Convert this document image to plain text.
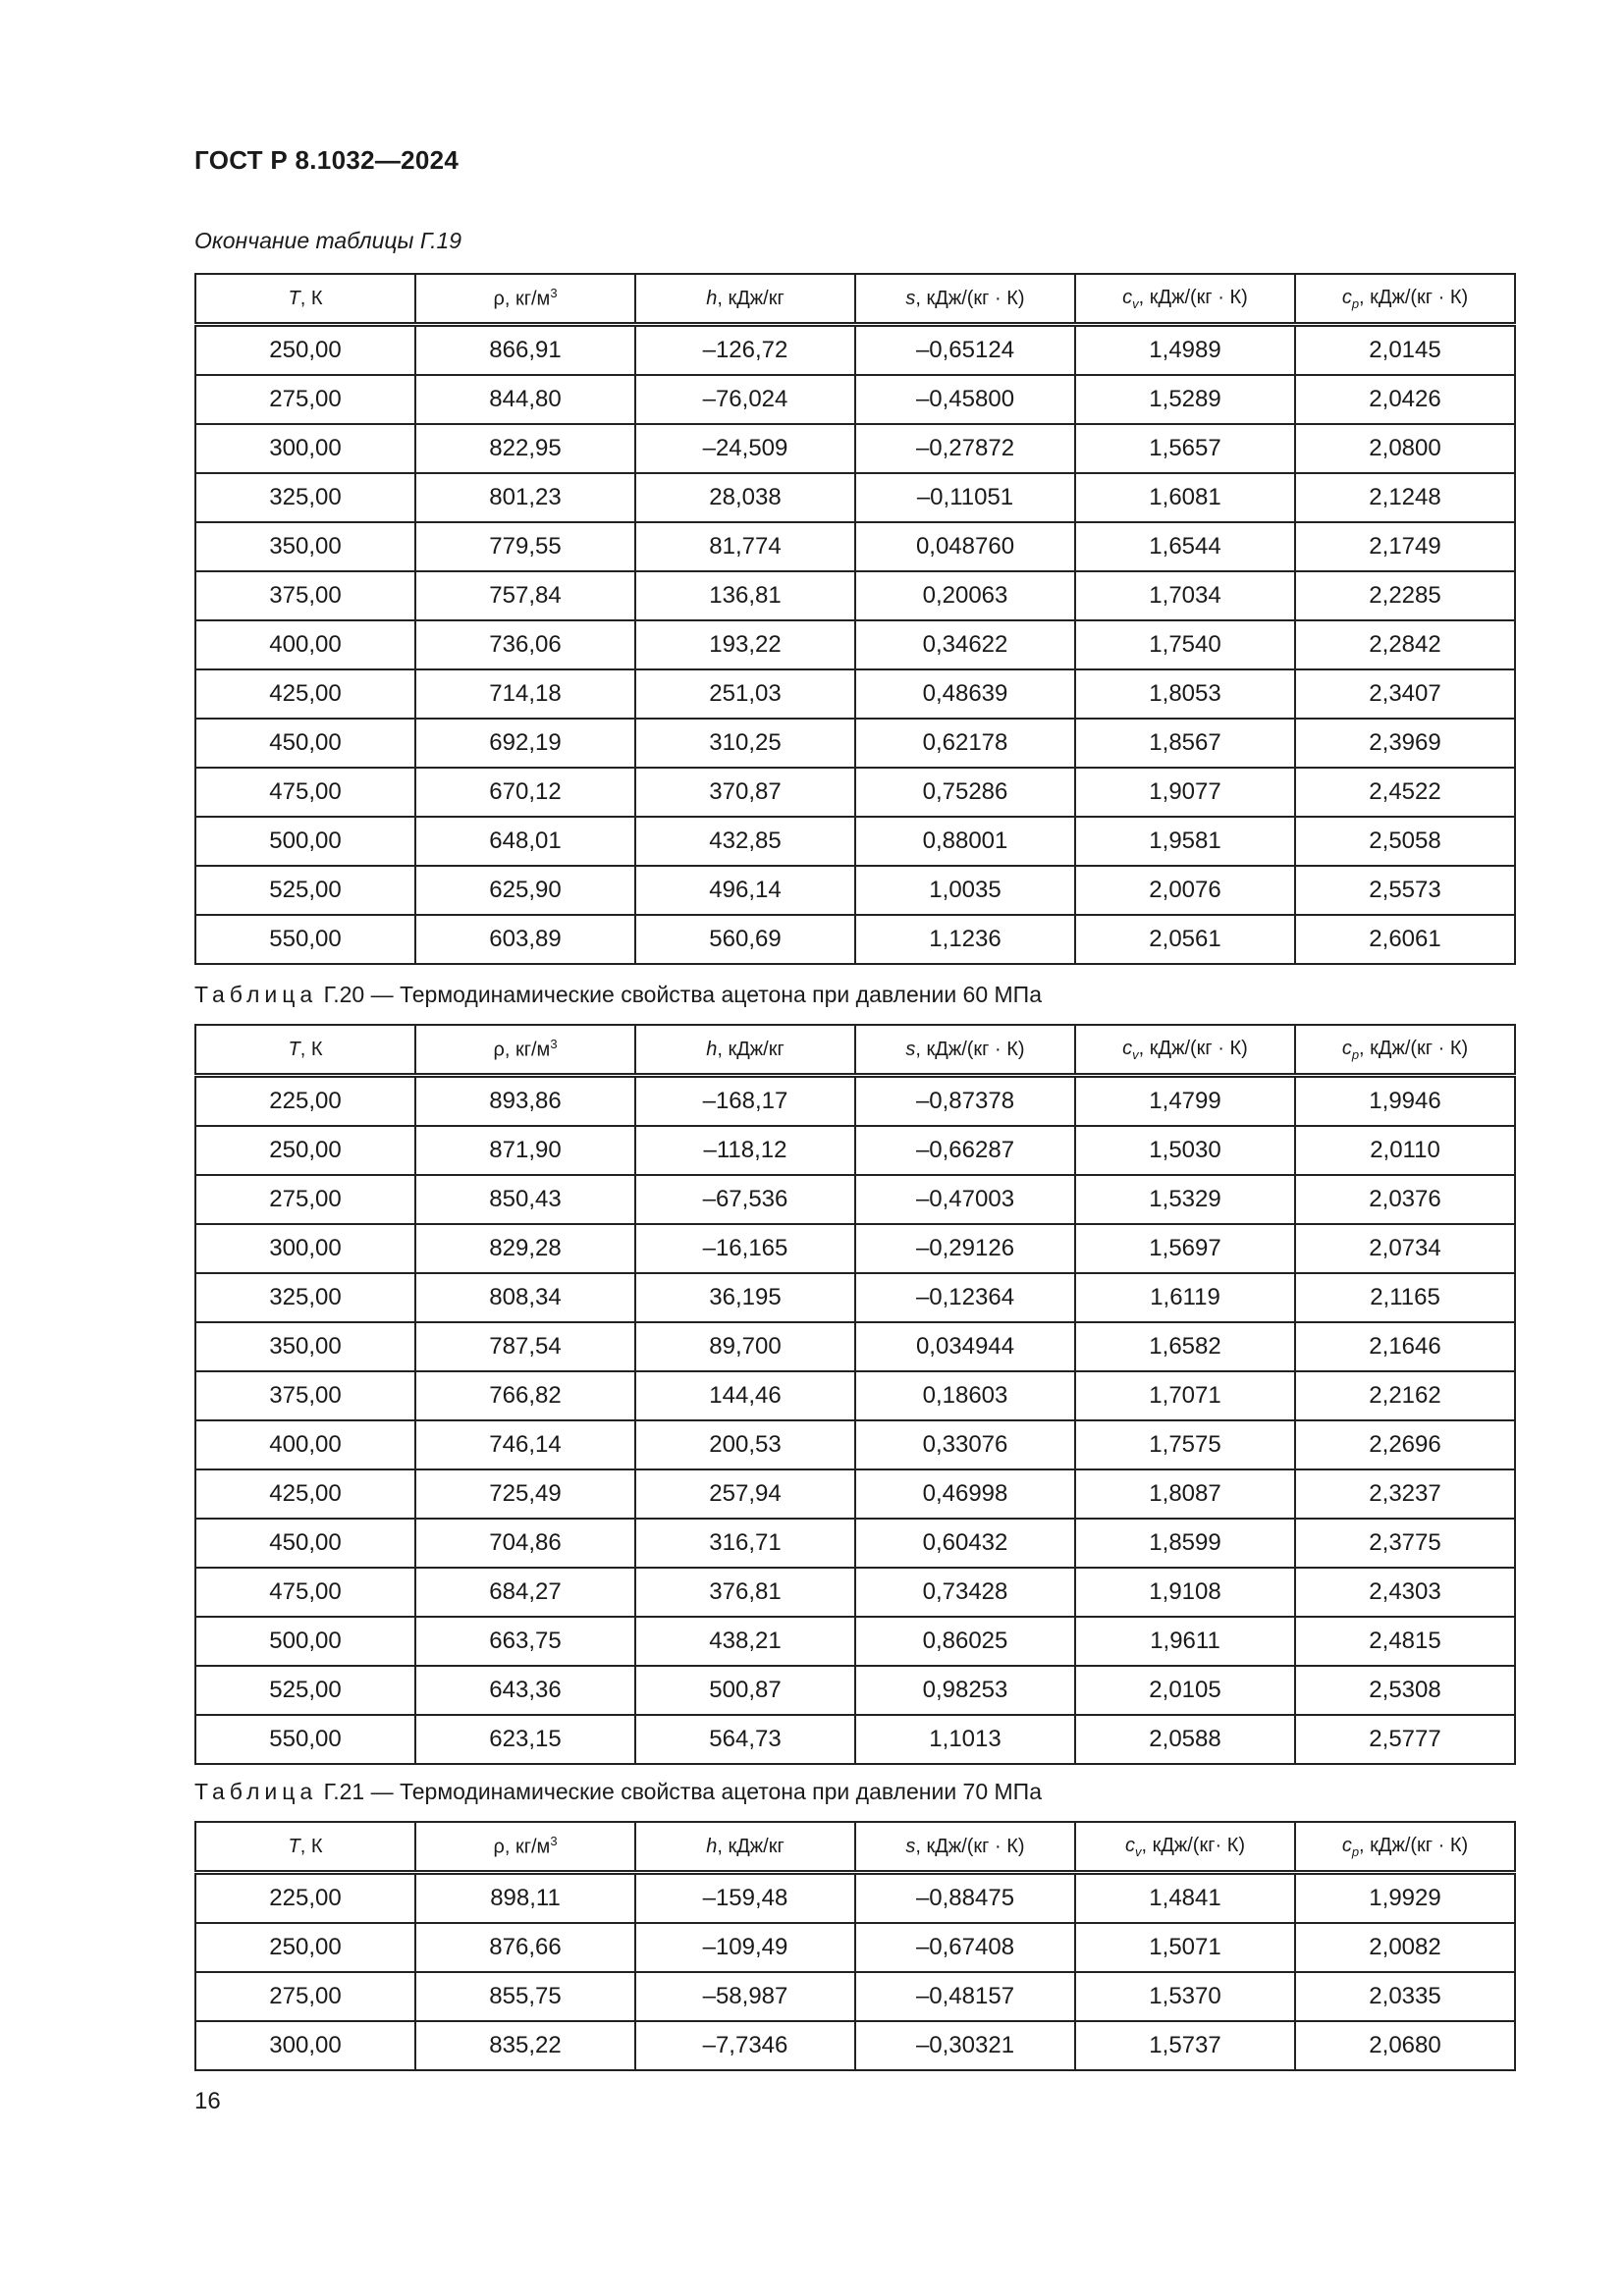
ГОСТ Р 8.1032—2024
Окончание таблицы Г.19
T, К	ρ, $кг/м^3$	h, кДж/кг	s, кДж/(кг · К)	$c_v$, кДж/(кг · К)	$c_p$, кДж/(кг · К)
250,00	866,91	–126,72	–0,65124	1,4989	2,0145
275,00	844,80	–76,024	–0,45800	1,5289	2,0426
300,00	822,95	–24,509	–0,27872	1,5657	2,0800
325,00	801,23	28,038	–0,11051	1,6081	2,1248
350,00	779,55	81,774	0,048760	1,6544	2,1749
375,00	757,84	136,81	0,20063	1,7034	2,2285
400,00	736,06	193,22	0,34622	1,7540	2,2842
425,00	714,18	251,03	0,48639	1,8053	2,3407
450,00	692,19	310,25	0,62178	1,8567	2,3969
475,00	670,12	370,87	0,75286	1,9077	2,4522
500,00	648,01	432,85	0,88001	1,9581	2,5058
525,00	625,90	496,14	1,0035	2,0076	2,5573
550,00	603,89	560,69	1,1236	2,0561	2,6061
Таблица Г.20 — Термодинамические свойства ацетона при давлении 60 МПа
T, К	ρ, $кг/м^3$	h, кДж/кг	s, кДж/(кг · К)	$c_v$, кДж/(кг · К)	$c_p$, кДж/(кг · К)
225,00	893,86	–168,17	–0,87378	1,4799	1,9946
250,00	871,90	–118,12	–0,66287	1,5030	2,0110
275,00	850,43	–67,536	–0,47003	1,5329	2,0376
300,00	829,28	–16,165	–0,29126	1,5697	2,0734
325,00	808,34	36,195	–0,12364	1,6119	2,1165
350,00	787,54	89,700	0,034944	1,6582	2,1646
375,00	766,82	144,46	0,18603	1,7071	2,2162
400,00	746,14	200,53	0,33076	1,7575	2,2696
425,00	725,49	257,94	0,46998	1,8087	2,3237
450,00	704,86	316,71	0,60432	1,8599	2,3775
475,00	684,27	376,81	0,73428	1,9108	2,4303
500,00	663,75	438,21	0,86025	1,9611	2,4815
525,00	643,36	500,87	0,98253	2,0105	2,5308
550,00	623,15	564,73	1,1013	2,0588	2,5777
Таблица Г.21 — Термодинамические свойства ацетона при давлении 70 МПа
T, К	ρ, $кг/м^3$	h, кДж/кг	s, кДж/(кг · К)	$c_v$, кДж/(кг· К)	$c_p$, кДж/(кг · К)
225,00	898,11	–159,48	–0,88475	1,4841	1,9929
250,00	876,66	–109,49	–0,67408	1,5071	2,0082
275,00	855,75	–58,987	–0,48157	1,5370	2,0335
300,00	835,22	–7,7346	–0,30321	1,5737	2,0680
16
